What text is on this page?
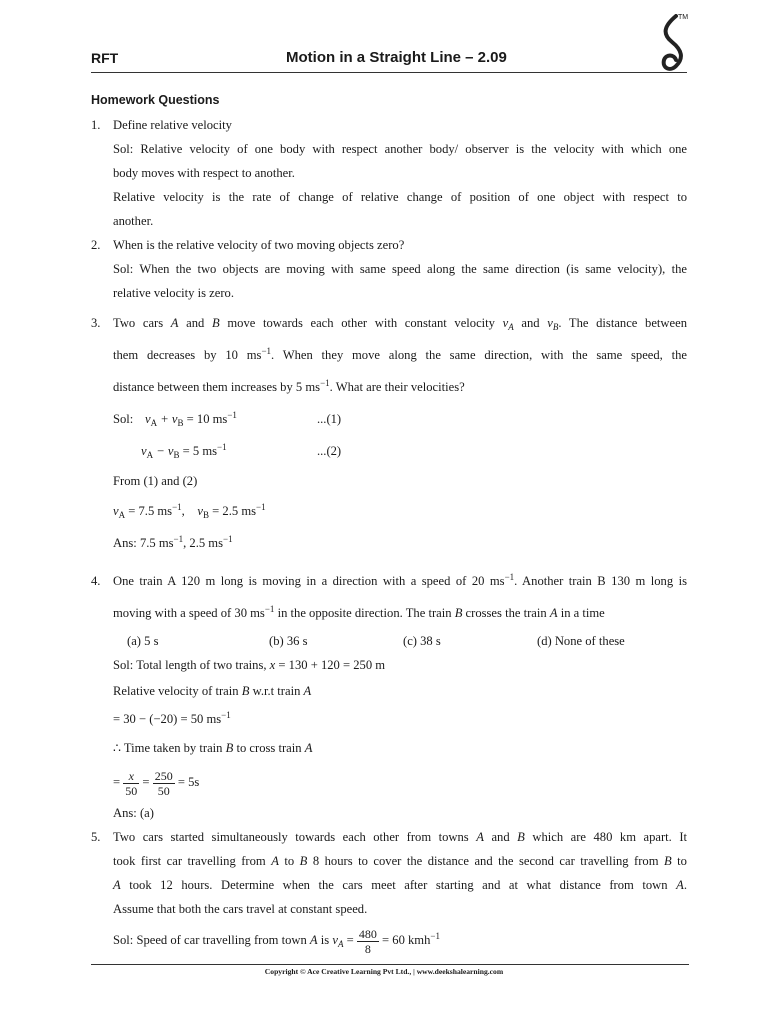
RFT	Motion in a Straight Line – 2.09
TM
Homework Questions
1. Define relative velocity

Sol: Relative velocity of one body with respect another body/ observer is the velocity with which one

body moves with respect to another.

Relative velocity is the rate of change of relative change of position of one object with respect to

another.

2. When is the relative velocity of two moving objects zero?

Sol: When the two objects are moving with same speed along the same direction (is same velocity), the

relative velocity is zero.

3. Two cars A and B move towards each other with constant velocity $v_A$ and $v_B$. The distance between

them decreases by 10 $ms^{-1}$. When they move along the same direction, with the same speed, the

distance between them increases by 5 $ms^{-1}$. What are their velocities?

Sol: $v_A + v_B = 10$ $ms^{-1}$	...(1)

$v_A - v_B = 5$ $ms^{-1}$	...(2)

From (1) and (2)

$v_A = 7.5$ $ms^{-1}$, $v_B = 2.5$ $ms^{-1}$

Ans: 7.5 $ms^{-1}$, 2.5 $ms^{-1}$

4. One train A 120 m long is moving in a direction with a speed of 20 $ms^{-1}$. Another train B 130 m long is

moving with a speed of 30 $ms^{-1}$ in the opposite direction. The train B crosses the train A in a time

(a) 5 s	(b) 36 s	(c) 38 s	(d) None of these

Sol: Total length of two trains, x = 130 + 120 = 250 m

Relative velocity of train B w.r.t train A

= 30 − (−20) = 50 $ms^{-1}$

∴ Time taken by train B to cross train A

= $\frac{x}{50} = \frac{250}{50} = 5s$

Ans: (a)

5. Two cars started simultaneously towards each other from towns A and B which are 480 km apart. It

took first car travelling from A to B 8 hours to cover the distance and the second car travelling from B to

A took 12 hours. Determine when the cars meet after starting and at what distance from town A.

Assume that both the cars travel at constant speed.

Sol: Speed of car travelling from town A is $v_A = \frac{480}{8} = 60$ kmh$^{-1}$

Copyright © Ace Creative Learning Pvt Ltd., | www.deekshalearning.com
